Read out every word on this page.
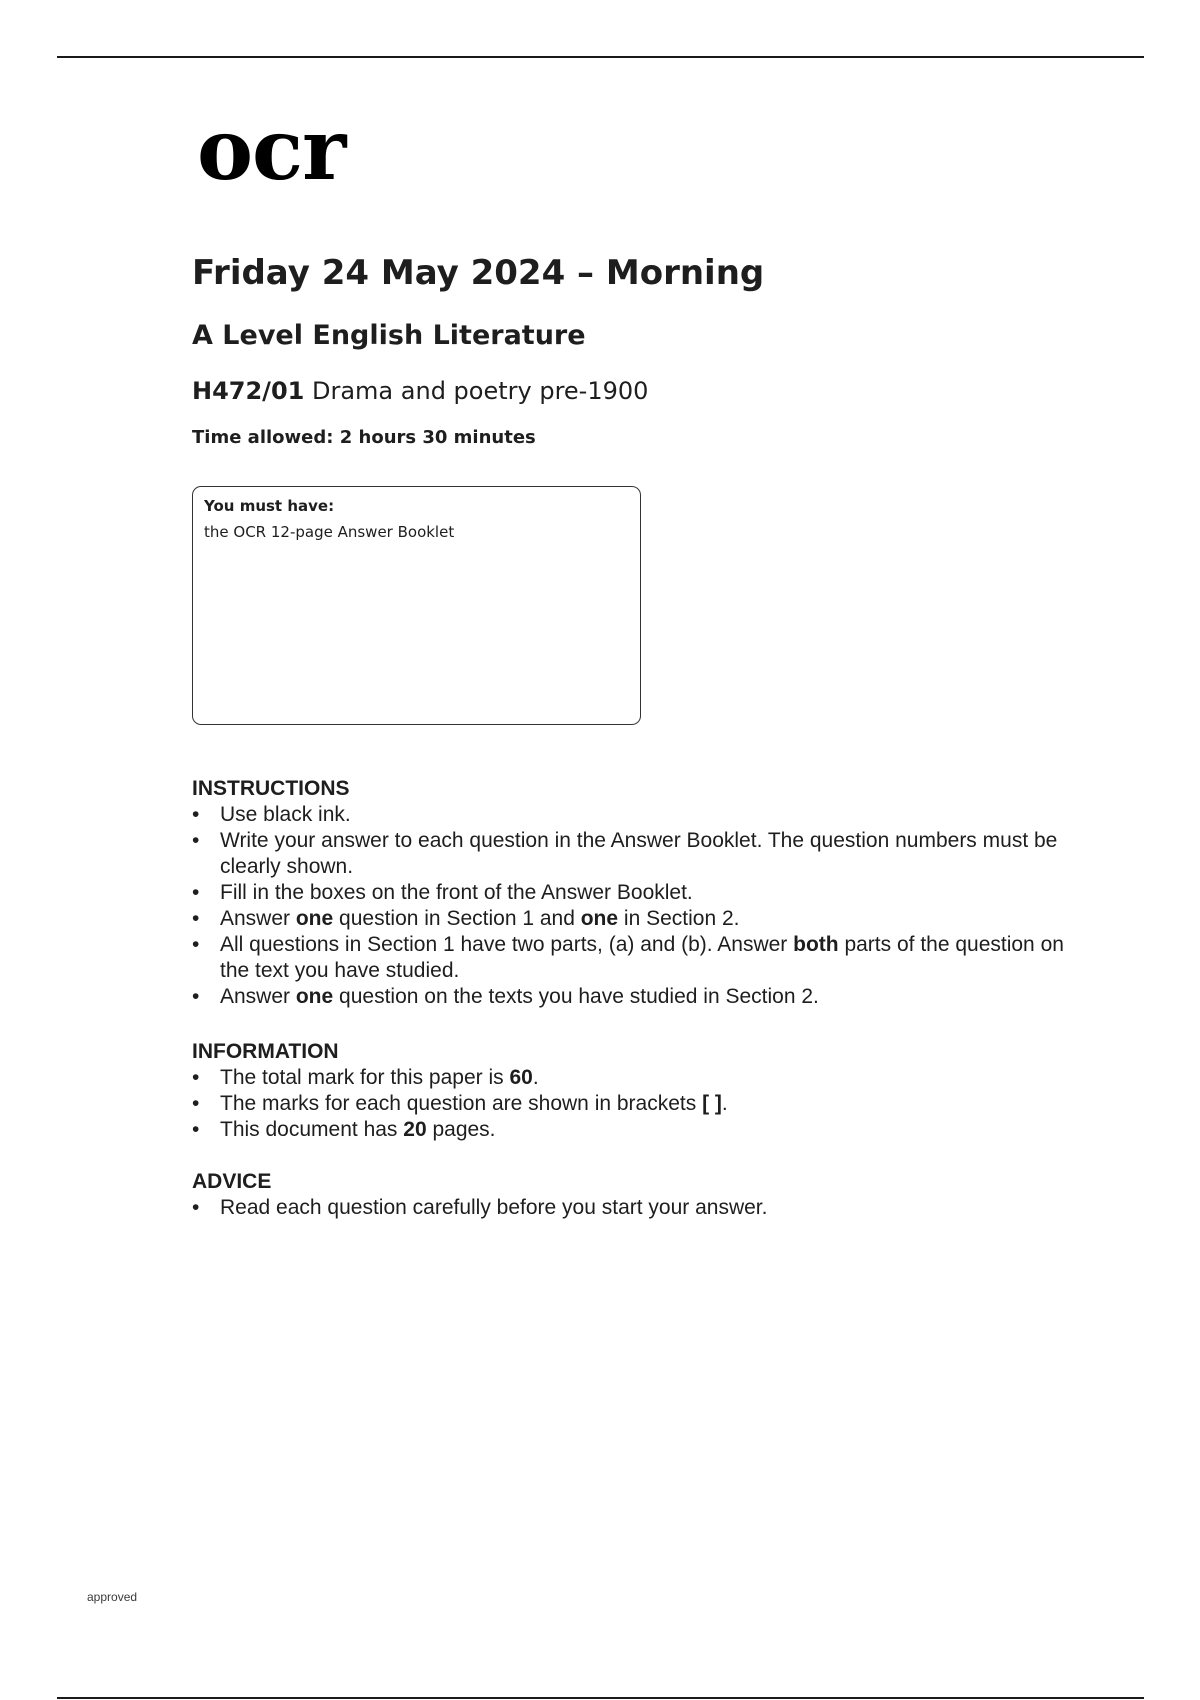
ocr
Friday 24 May 2024 – Morning
A Level English Literature
H472/01 Drama and poetry pre-1900
Time allowed: 2 hours 30 minutes
You must have:
the OCR 12-page Answer Booklet
INSTRUCTIONS
• Use black ink.
• Write your answer to each question in the Answer Booklet. The question numbers must be clearly shown.
• Fill in the boxes on the front of the Answer Booklet.
• Answer one question in Section 1 and one in Section 2.
• All questions in Section 1 have two parts, (a) and (b). Answer both parts of the question on the text you have studied.
• Answer one question on the texts you have studied in Section 2.
INFORMATION
• The total mark for this paper is 60.
• The marks for each question are shown in brackets [ ].
• This document has 20 pages.
ADVICE
• Read each question carefully before you start your answer.
approved
